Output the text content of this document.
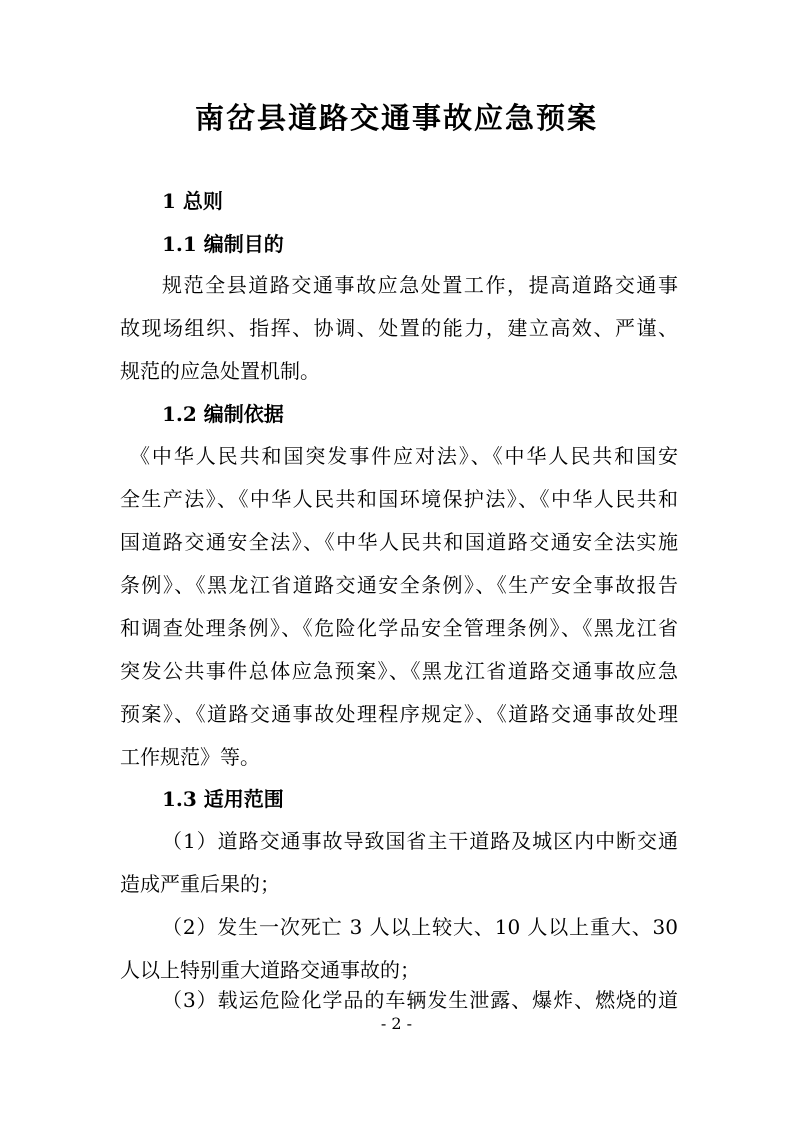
南岔县道路交通事故应急预案
1 总则
1.1 编制目的
规范全县道路交通事故应急处置工作，提高道路交通事
故现场组织、指挥、协调、处置的能力，建立高效、严谨、
规范的应急处置机制。
1.2 编制依据
《中华人民共和国突发事件应对法》、《中华人民共和国安
全生产法》、《中华人民共和国环境保护法》、《中华人民共和
国道路交通安全法》、《中华人民共和国道路交通安全法实施
条例》、《黑龙江省道路交通安全条例》、《生产安全事故报告
和调查处理条例》、《危险化学品安全管理条例》、《黑龙江省
突发公共事件总体应急预案》、《黑龙江省道路交通事故应急
预案》、《道路交通事故处理程序规定》、《道路交通事故处理
工作规范》等。
1.3 适用范围
（1）道路交通事故导致国省主干道路及城区内中断交通
造成严重后果的；
（2）发生一次死亡 3 人以上较大、10 人以上重大、30
人以上特别重大道路交通事故的；
（3）载运危险化学品的车辆发生泄露、爆炸、燃烧的道
- 2 -
